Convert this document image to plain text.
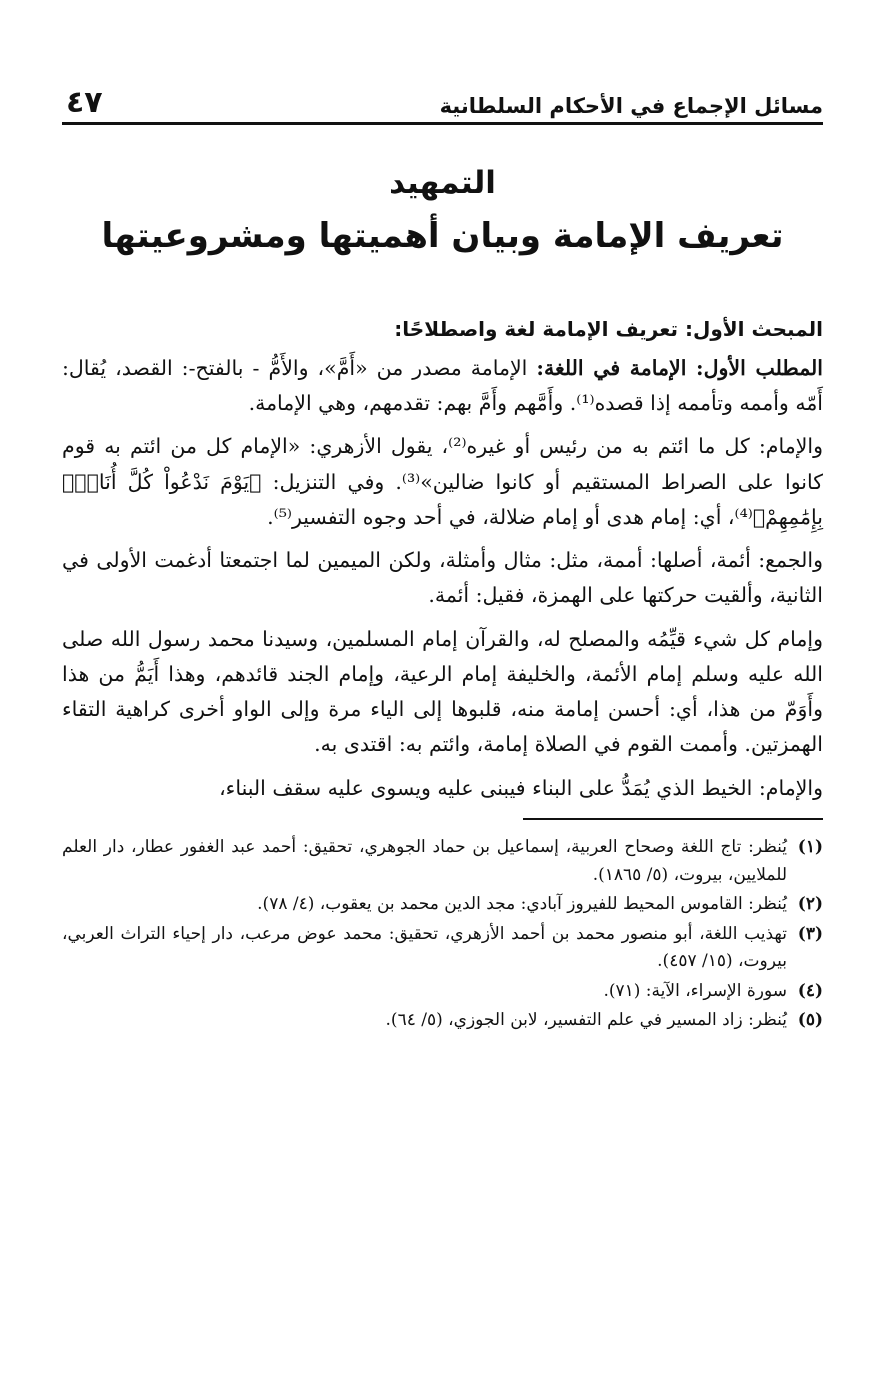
مسائل الإجماع في الأحكام السلطانية
٤٧
التمهيد
تعريف الإمامة وبيان أهميتها ومشروعيتها
المبحث الأول: تعريف الإمامة لغة واصطلاحًا:

المطلب الأول: الإمامة في اللغة: الإمامة مصدر من «أَمَّ»، والأَمُّ - بالفتح-: القصد، يُقال: أَمّه وأممه وتأممه إذا قصده⁽¹⁾. وأَمَّهم وأَمَّ بهم: تقدمهم، وهي الإمامة.

والإمام: كل ما ائتم به من رئيس أو غيره⁽²⁾، يقول الأزهري: «الإمام كل من ائتم به قوم كانوا على الصراط المستقيم أو كانوا ضالين»⁽³⁾. وفي التنزيل: ﴿يَوْمَ نَدْعُواْ كُلَّ أُنَاسٍۭ بِإِمَٰمِهِمْ﴾⁽⁴⁾، أي: إمام هدى أو إمام ضلالة، في أحد وجوه التفسير⁽⁵⁾.

والجمع: أئمة، أصلها: أممة، مثل: مثال وأمثلة، ولكن الميمين لما اجتمعتا أدغمت الأولى في الثانية، وألقيت حركتها على الهمزة، فقيل: أئمة.

وإمام كل شيء قيِّمُه والمصلح له، والقرآن إمام المسلمين، وسيدنا محمد رسول الله صلى الله عليه وسلم إمام الأئمة، والخليفة إمام الرعية، وإمام الجند قائدهم، وهذا أَيَمُّ من هذا وأَوَمّ من هذا، أي: أحسن إمامة منه، قلبوها إلى الياء مرة وإلى الواو أخرى كراهية التقاء الهمزتين. وأممت القوم في الصلاة إمامة، وائتم به: اقتدى به.

والإمام: الخيط الذي يُمَدُّ على البناء فيبنى عليه ويسوى عليه سقف البناء،

(١)
يُنظر: تاج اللغة وصحاح العربية، إسماعيل بن حماد الجوهري، تحقيق: أحمد عبد الغفور عطار، دار العلم للملايين، بيروت، (٥/ ١٨٦٥).
(٢)
يُنظر: القاموس المحيط للفيروز آبادي: مجد الدين محمد بن يعقوب، (٤/ ٧٨).
(٣)
تهذيب اللغة، أبو منصور محمد بن أحمد الأزهري، تحقيق: محمد عوض مرعب، دار إحياء التراث العربي، بيروت، (١٥/ ٤٥٧).
(٤)
سورة الإسراء، الآية: (٧١).
(٥)
يُنظر: زاد المسير في علم التفسير، لابن الجوزي، (٥/ ٦٤).
